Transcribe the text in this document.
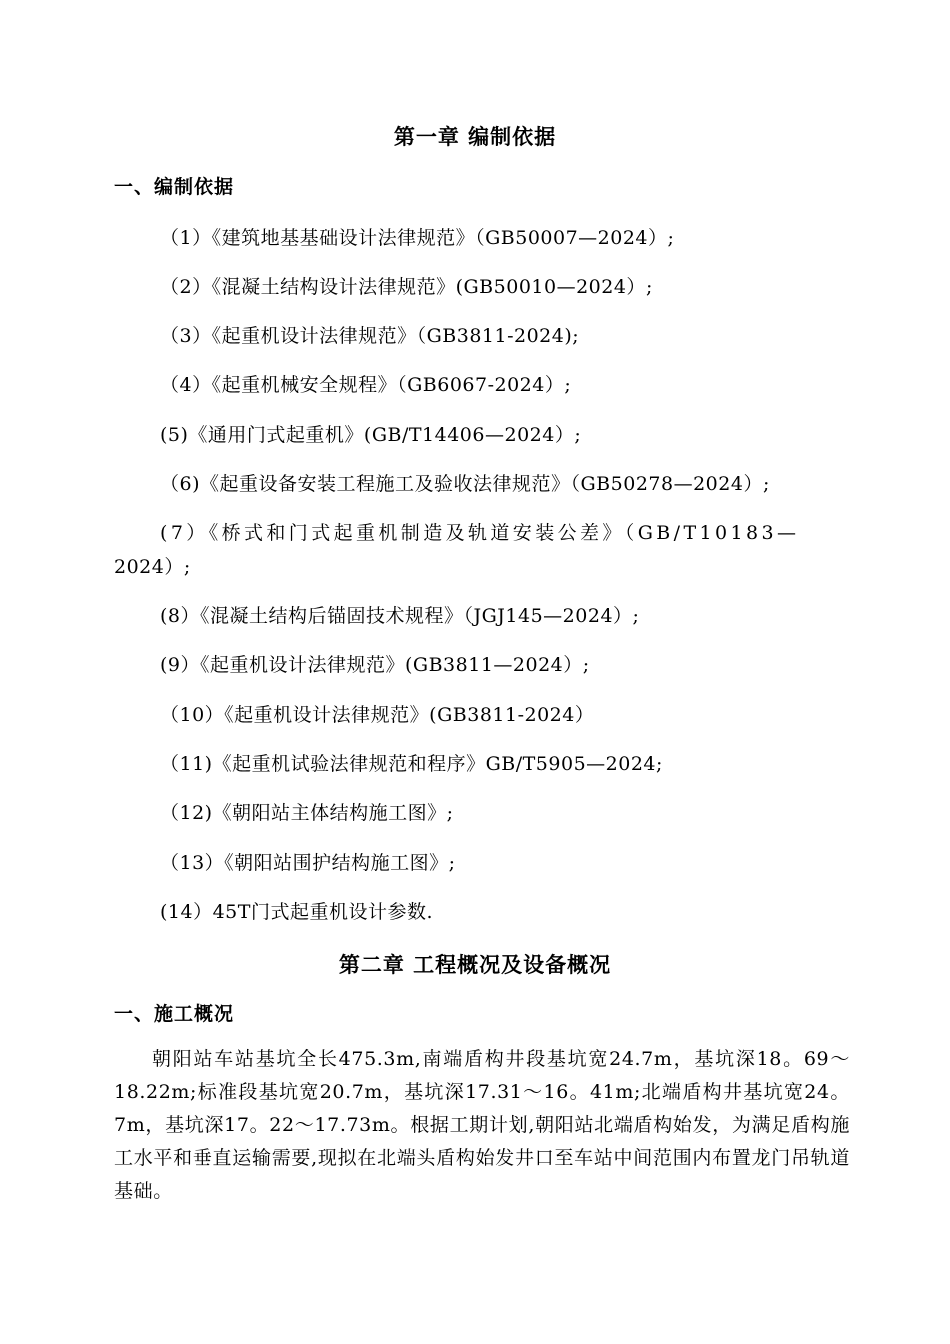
第一章 编制依据
一、编制依据
（1）《建筑地基基础设计法律规范》（GB50007—2024）;
（2）《混凝土结构设计法律规范》(GB50010—2024）;
（3）《起重机设计法律规范》（GB3811-2024);
（4）《起重机械安全规程》（GB6067-2024）;
(5)《通用门式起重机》(GB/T14406—2024）;
（6)《起重设备安装工程施工及验收法律规范》（GB50278—2024）;
(7）《桥式和门式起重机制造及轨道安装公差》（GB/T10183—
2024）;
(8）《混凝土结构后锚固技术规程》（JGJ145—2024）;
(9）《起重机设计法律规范》(GB3811—2024）;
（10）《起重机设计法律规范》(GB3811-2024）
（11)《起重机试验法律规范和程序》GB/T5905—2024;
（12)《朝阳站主体结构施工图》;
（13）《朝阳站围护结构施工图》;
(14）45T门式起重机设计参数.
第二章 工程概况及设备概况
一、施工概况
朝阳站车站基坑全长475.3m,南端盾构井段基坑宽24.7m，基坑深18。69～18.22m;标准段基坑宽20.7m，基坑深17.31～16。41m;北端盾构井基坑宽24。7m，基坑深17。22～17.73m。根据工期计划,朝阳站北端盾构始发，为满足盾构施工水平和垂直运输需要,现拟在北端头盾构始发井口至车站中间范围内布置龙门吊轨道基础。
